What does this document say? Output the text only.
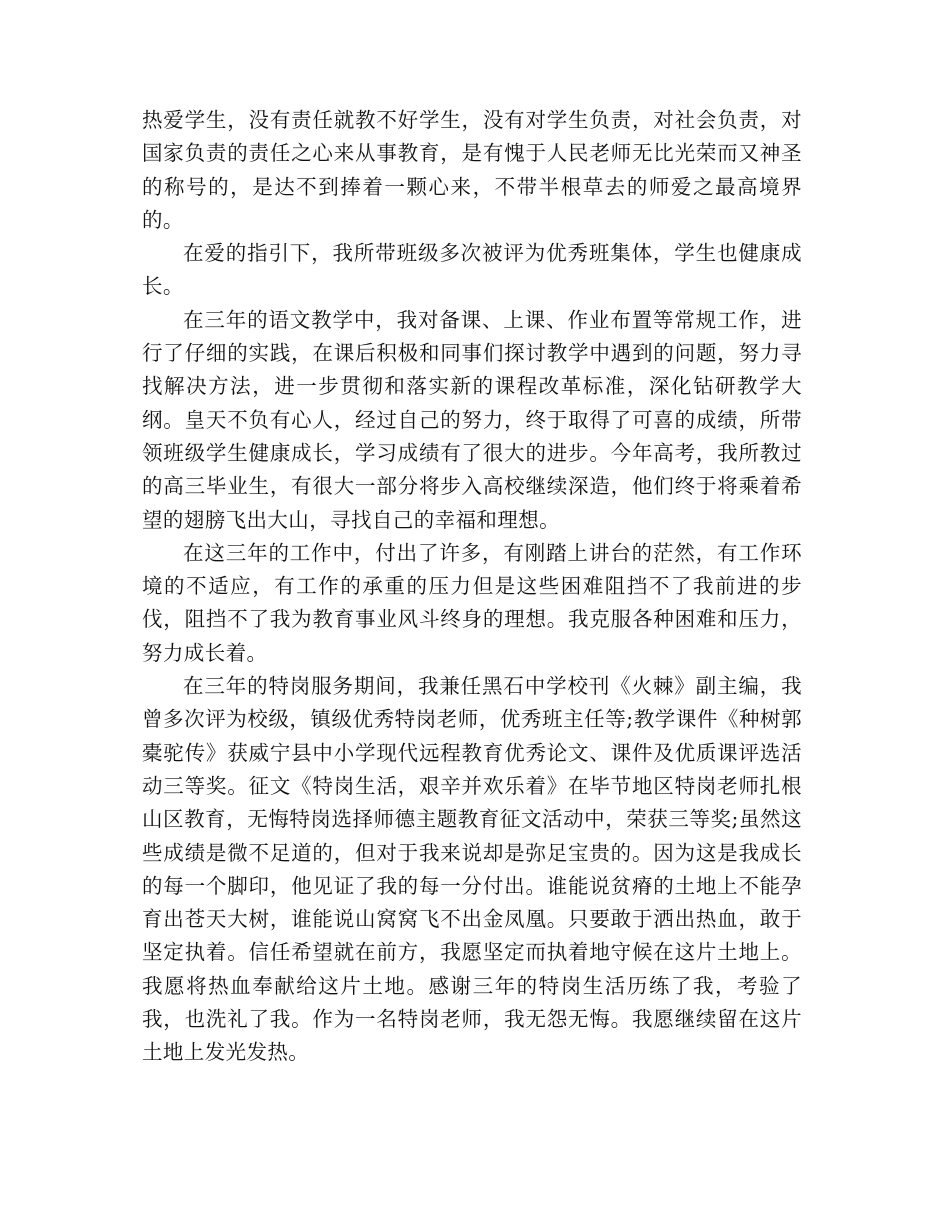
热爱学生，没有责任就教不好学生，没有对学生负责，对社会负责，对国家负责的责任之心来从事教育，是有愧于人民老师无比光荣而又神圣的称号的，是达不到捧着一颗心来，不带半根草去的师爱之最高境界的。

在爱的指引下，我所带班级多次被评为优秀班集体，学生也健康成长。

在三年的语文教学中，我对备课、上课、作业布置等常规工作，进行了仔细的实践，在课后积极和同事们探讨教学中遇到的问题，努力寻找解决方法，进一步贯彻和落实新的课程改革标准，深化钻研教学大纲。皇天不负有心人，经过自己的努力，终于取得了可喜的成绩，所带领班级学生健康成长，学习成绩有了很大的进步。今年高考，我所教过的高三毕业生，有很大一部分将步入高校继续深造，他们终于将乘着希望的翅膀飞出大山，寻找自己的幸福和理想。

在这三年的工作中，付出了许多，有刚踏上讲台的茫然，有工作环境的不适应，有工作的承重的压力但是这些困难阻挡不了我前进的步伐，阻挡不了我为教育事业风斗终身的理想。我克服各种困难和压力，努力成长着。

在三年的特岗服务期间，我兼任黑石中学校刊《火棘》副主编，我曾多次评为校级，镇级优秀特岗老师，优秀班主任等;教学课件《种树郭橐驼传》获威宁县中小学现代远程教育优秀论文、课件及优质课评选活动三等奖。征文《特岗生活，艰辛并欢乐着》在毕节地区特岗老师扎根山区教育，无悔特岗选择师德主题教育征文活动中，荣获三等奖;虽然这些成绩是微不足道的，但对于我来说却是弥足宝贵的。因为这是我成长的每一个脚印，他见证了我的每一分付出。谁能说贫瘠的土地上不能孕育出苍天大树，谁能说山窝窝飞不出金凤凰。只要敢于洒出热血，敢于坚定执着。信任希望就在前方，我愿坚定而执着地守候在这片土地上。我愿将热血奉献给这片土地。感谢三年的特岗生活历练了我，考验了我，也洗礼了我。作为一名特岗老师，我无怨无悔。我愿继续留在这片土地上发光发热。
